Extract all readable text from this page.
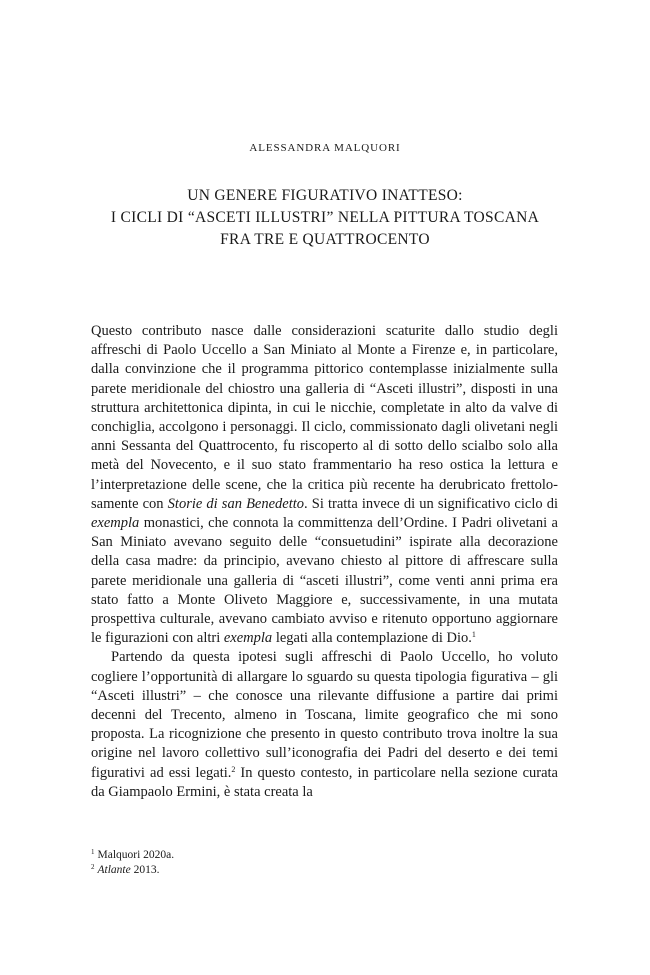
ALESSANDRA MALQUORI
UN GENERE FIGURATIVO INATTESO:
I CICLI DI “ASCETI ILLUSTRI” NELLA PITTURA TOSCANA
FRA TRE E QUATTROCENTO

Questo contributo nasce dalle considerazioni scaturite dallo studio degli affreschi di Paolo Uccello a San Miniato al Monte a Firenze e, in particolare, dalla convinzione che il programma pittorico contemplasse inizialmente sulla parete meridionale del chiostro una galleria di “Asceti illustri”, disposti in una struttura architettonica dipinta, in cui le nicchie, completate in alto da valve di conchiglia, accolgono i personaggi. Il ciclo, commissionato dagli olivetani negli anni Sessanta del Quattrocento, fu riscoperto al di sotto dello scialbo solo alla metà del Novecento, e il suo stato frammentario ha reso ostica la lettura e l’interpretazione delle scene, che la critica più recente ha derubricato frettolosamente con Storie di san Benedetto. Si tratta invece di un significativo ciclo di exempla monastici, che connota la committenza dell’Ordine. I Padri olivetani a San Miniato avevano seguito delle “consuetudini” ispirate alla decorazione della casa madre: da principio, avevano chiesto al pittore di affrescare sulla parete meridionale una galleria di “asceti illustri”, come venti anni prima era stato fatto a Monte Oliveto Maggiore e, successivamente, in una mutata prospettiva culturale, avevano cambiato avviso e ritenuto opportuno aggiornare le figurazioni con altri exempla legati alla contemplazione di Dio.$^1$

Partendo da questa ipotesi sugli affreschi di Paolo Uccello, ho voluto cogliere l’opportunità di allargare lo sguardo su questa tipologia figurativa – gli “Asceti illustri” – che conosce una rilevante diffusione a partire dai primi decenni del Trecento, almeno in Toscana, limite geografico che mi sono proposta. La ricognizione che presento in questo contributo trova inoltre la sua origine nel lavoro collettivo sull’iconografia dei Padri del deserto e dei temi figurativi ad essi legati.$^2$ In questo contesto, in particolare nella sezione curata da Giampaolo Ermini, è stata creata la

$^1$ Malquori 2020a.
$^2$ Atlante 2013.
